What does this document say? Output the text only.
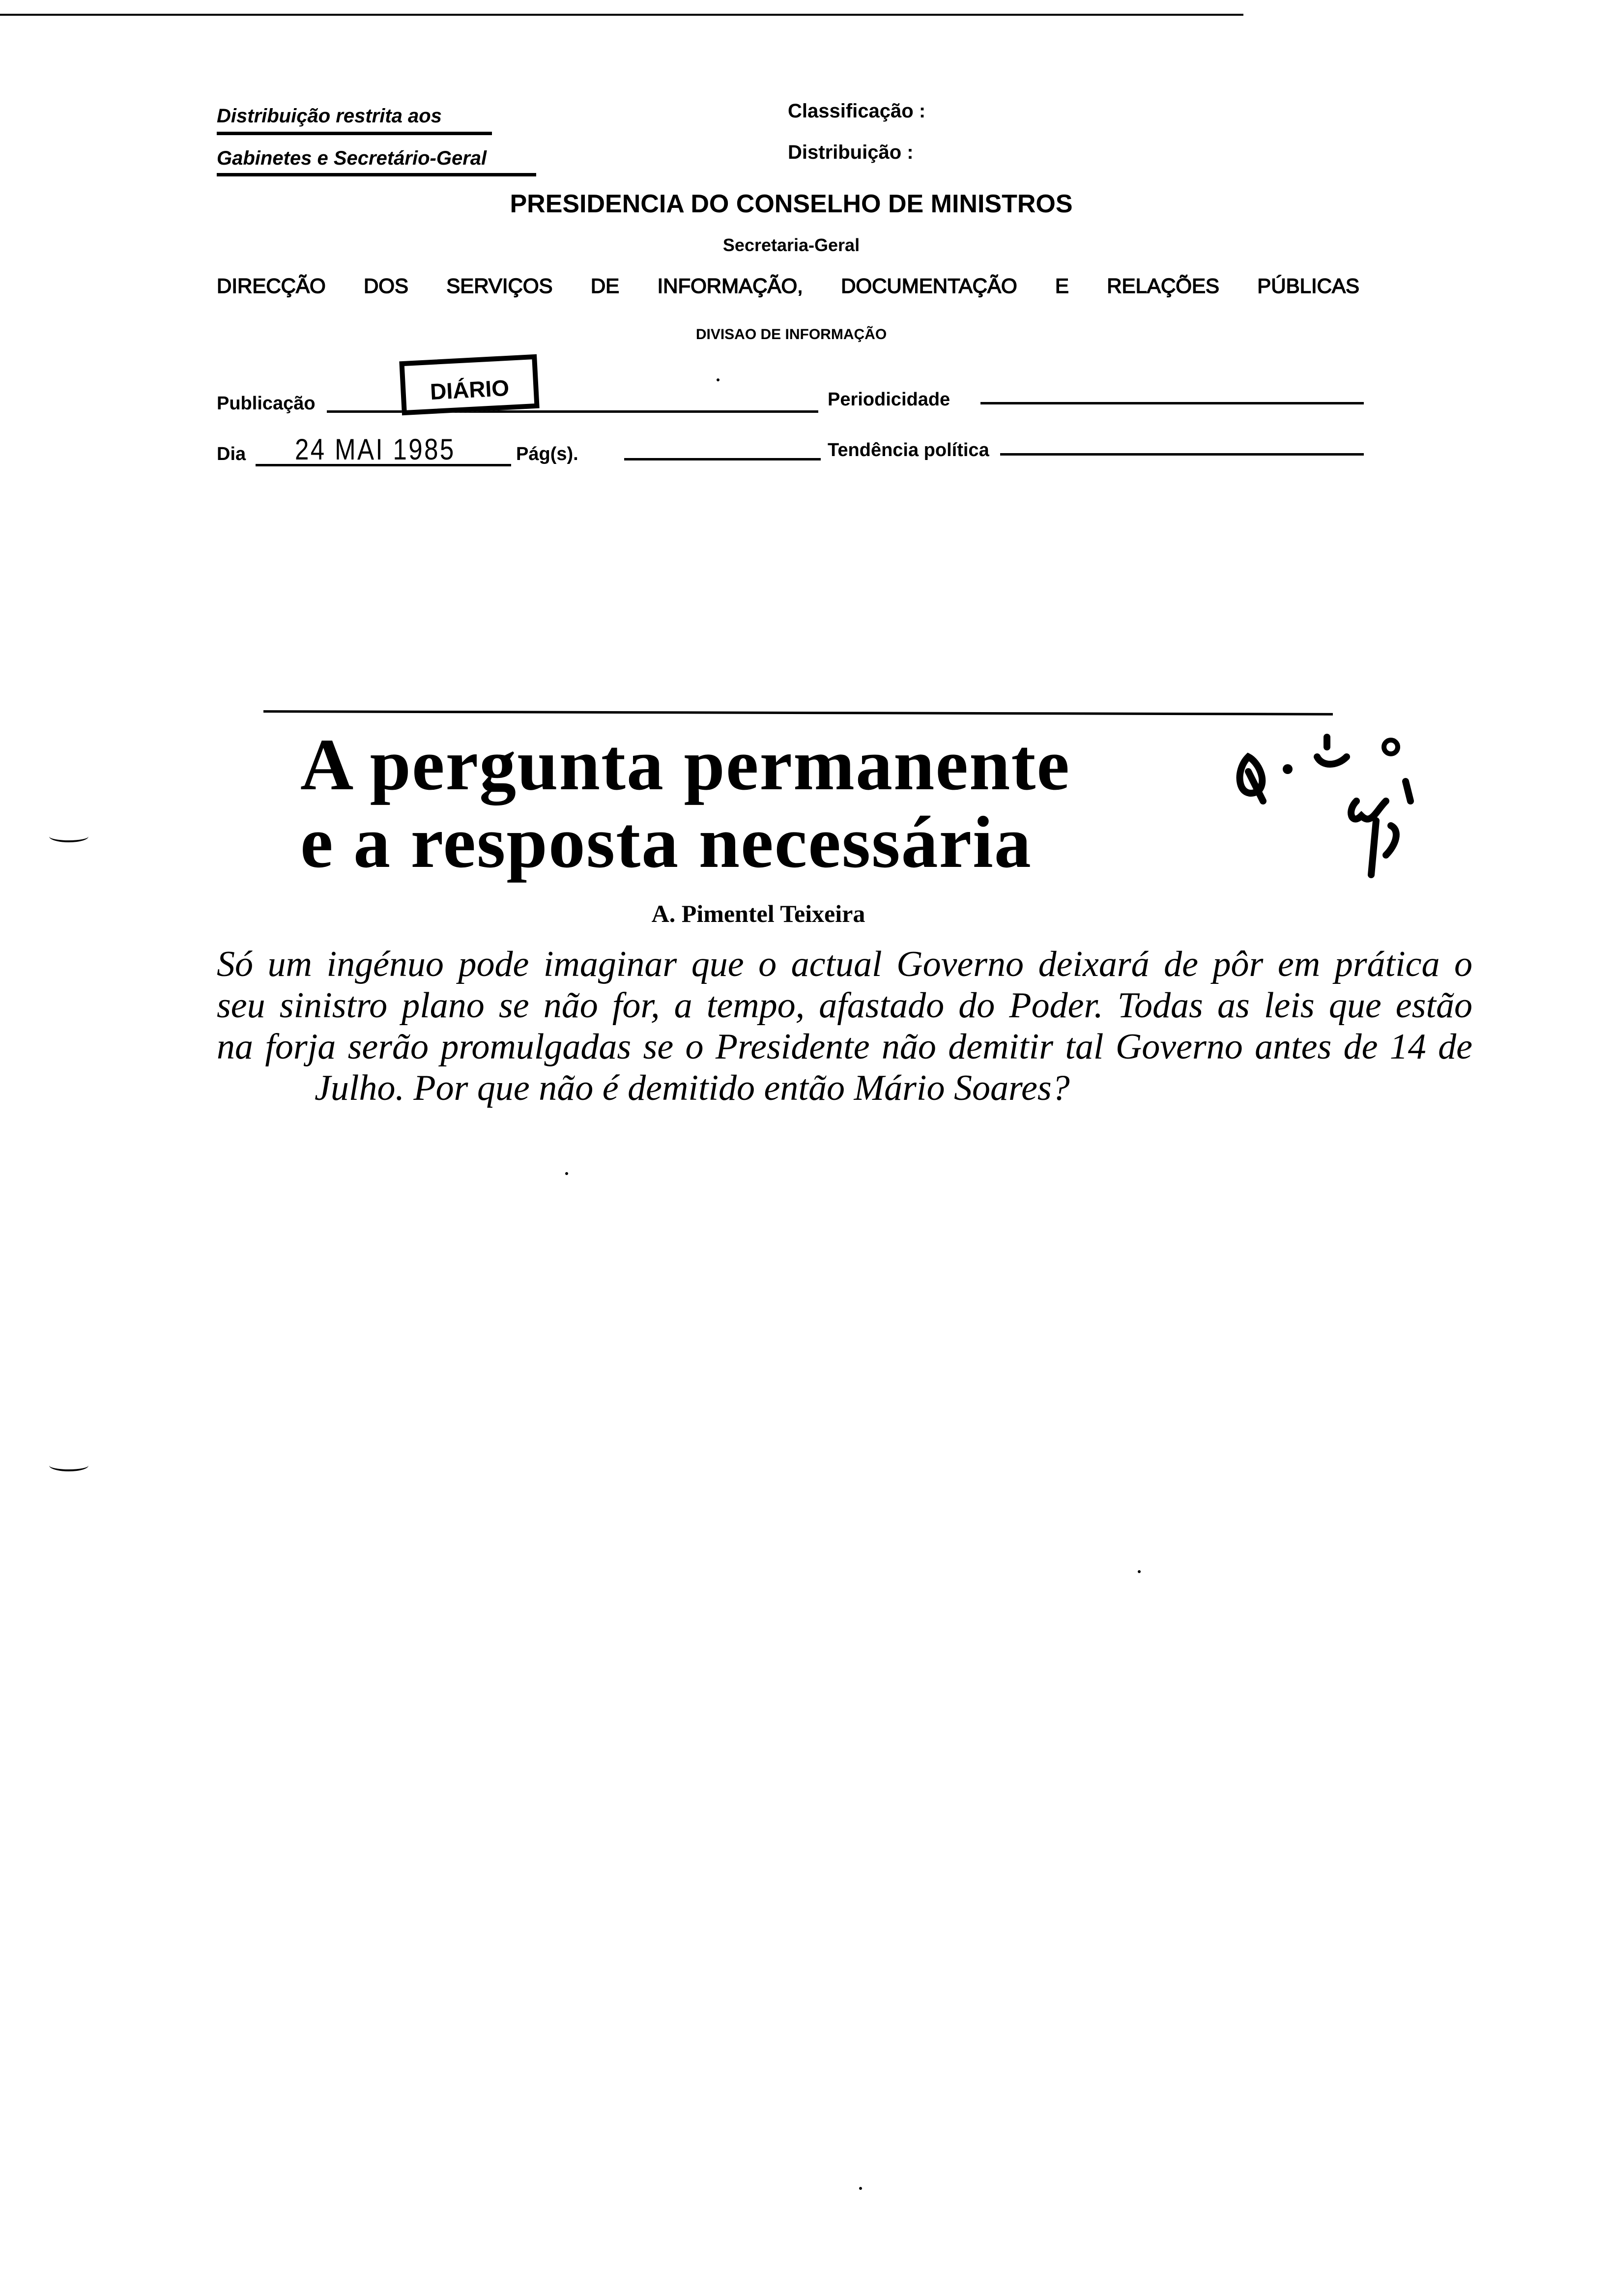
Distribuição restrita aos
Gabinetes e Secretário-Geral
Classificação :
Distribuição :
PRESIDENCIA DO CONSELHO DE MINISTROS
Secretaria-Geral
DIRECÇÃO DOS SERVIÇOS DE INFORMAÇÃO, DOCUMENTAÇÃO E RELAÇÕES PÚBLICAS
DIVISAO DE INFORMAÇÃO
Publicação	DIÁRIO	Periodicidade
Dia 24 MAI 1985	Pág(s).	Tendência política
A pergunta permanente
e a resposta necessária
A. Pimentel Teixeira
Só um ingénuo pode imaginar que o actual Governo deixará de pôr em prática o
seu sinistro plano se não for, a tempo, afastado do Poder. Todas as leis que estão
na forja serão promulgadas se o Presidente não demitir tal Governo antes de 14 de
Julho. Por que não é demitido então Mário Soares?
